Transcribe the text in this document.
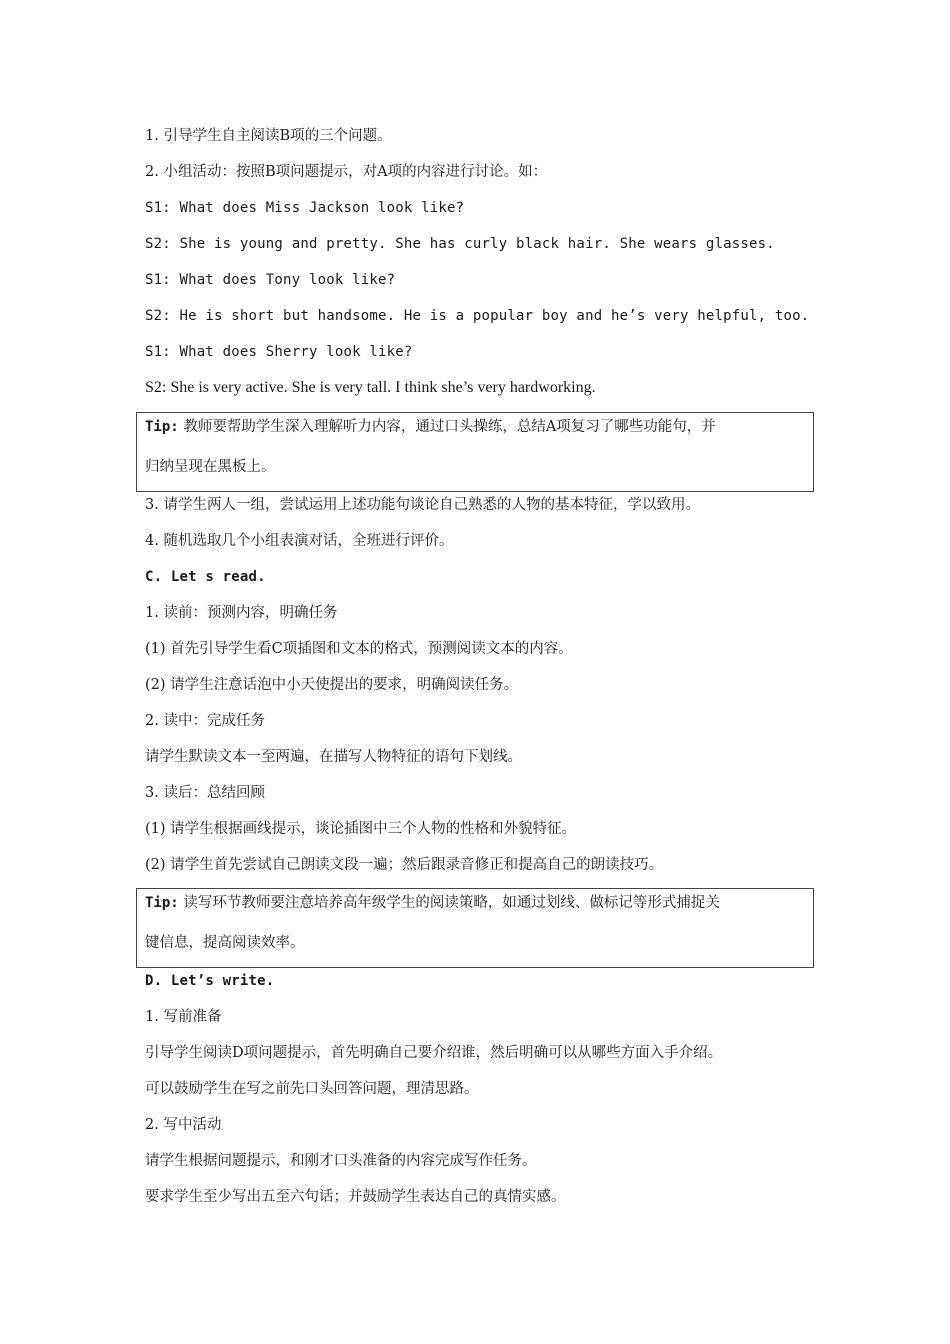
1. 引导学生自主阅读B项的三个问题。
2. 小组活动：按照B项问题提示，对A项的内容进行讨论。如：
S1: What does Miss Jackson look like?
S2: She is young and pretty. She has curly black hair. She wears glasses.
S1: What does Tony look like?
S2: He is short but handsome. He is a popular boy and he’s very helpful, too.
S1: What does Sherry look like?
S2: She is very active. She is very tall. I think she’s very hardworking.
Tip: 教师要帮助学生深入理解听力内容，通过口头操练，总结A项复习了哪些功能句，并
归纳呈现在黑板上。
3. 请学生两人一组，尝试运用上述功能句谈论自己熟悉的人物的基本特征，学以致用。
4. 随机选取几个小组表演对话，全班进行评价。
C. Let s read.
1. 读前：预测内容，明确任务
(1) 首先引导学生看C项插图和文本的格式，预测阅读文本的内容。
(2) 请学生注意话泡中小天使提出的要求，明确阅读任务。
2. 读中：完成任务
请学生默读文本一至两遍，在描写人物特征的语句下划线。
3. 读后：总结回顾
(1) 请学生根据画线提示，谈论插图中三个人物的性格和外貌特征。
(2) 请学生首先尝试自己朗读文段一遍；然后跟录音修正和提高自己的朗读技巧。
Tip: 读写环节教师要注意培养高年级学生的阅读策略，如通过划线、做标记等形式捕捉关
键信息，提高阅读效率。
D. Let’s write.
1. 写前准备
引导学生阅读D项问题提示，首先明确自己要介绍谁，然后明确可以从哪些方面入手介绍。
可以鼓励学生在写之前先口头回答问题，理清思路。
2. 写中活动
请学生根据问题提示，和刚才口头准备的内容完成写作任务。
要求学生至少写出五至六句话；并鼓励学生表达自己的真情实感。
